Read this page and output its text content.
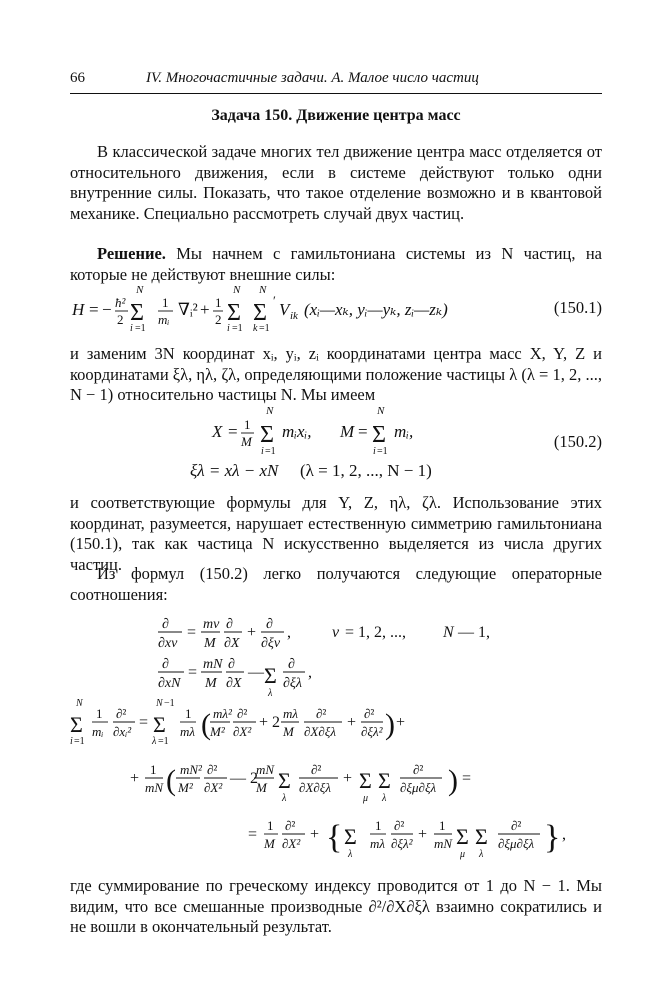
66	IV. Многочастичные задачи. А. Малое число частиц
Задача 150. Движение центра масс

В классической задаче многих тел движение центра масс отделяется от относительного движения, если в системе действуют только одни внутренние силы. Показать, что такое отделение возможно и в квантовой механике. Специально рассмотреть случай двух частиц.

Решение. Мы начнем с гамильтониана системы из N частиц, на которые не действуют внешние силы:

H = − ħ²
2
N
Σ
i =1
1
mᵢ
∇ᵢ² + 1
2
N
Σ
i =1
N
Σ
k =1
′ V ik (xᵢ—xₖ, yᵢ—yₖ, zᵢ—zₖ)	(150.1)

и заменим 3N координат xᵢ, yᵢ, zᵢ координатами центра масс X, Y, Z и координатами ξλ, ηλ, ζλ, определяющими положение частицы λ (λ = 1, 2, ..., N − 1) относительно частицы N. Мы имеем

X = 1
M
N
Σ
i =1
mᵢxᵢ, M =
N
Σ
i =1
mᵢ,
ξλ = xλ − xN (λ = 1, 2, ..., N − 1)
(150.2)

и соответствующие формулы для Y, Z, ηλ, ζλ. Использование этих координат, разумеется, нарушает естественную симметрию гамильтониана (150.1), так как частица N искусственно выделяется из числа других частиц.

Из формул (150.2) легко получаются следующие операторные соотношения:

∂
∂xν
= mν
M
∂
∂X
+ ∂
∂ξν
,	ν = 1, 2, ..., N — 1,
∂
∂xN
= mN
M
∂
∂X
— Σ
λ
∂
∂ξλ
,
N
Σ
i =1
1
mᵢ
∂²
∂xᵢ²
=
N −1
Σ
λ =1
1
mλ ( mλ²
M²
∂²
∂X²
+ 2
mλ
M
∂²
∂X∂ξλ
+
∂²
∂ξλ² ) +
+
1
mN ( mN²
M²
∂²
∂X²
— 2
mN
M Σ
λ
∂²
∂X∂ξλ
+ Σ
μ
Σ
λ
∂²
∂ξμ∂ξλ ) =
=
1
M
∂²
∂X²
+ { Σ
λ
1
mλ
∂²
∂ξλ²
+
1
mN Σ
μ
Σ
λ
∂²
∂ξμ∂ξλ } ,

где суммирование по греческому индексу проводится от 1 до N − 1. Мы видим, что все смешанные производные ∂²/∂X∂ξλ взаимно сократились и не вошли в окончательный результат.
